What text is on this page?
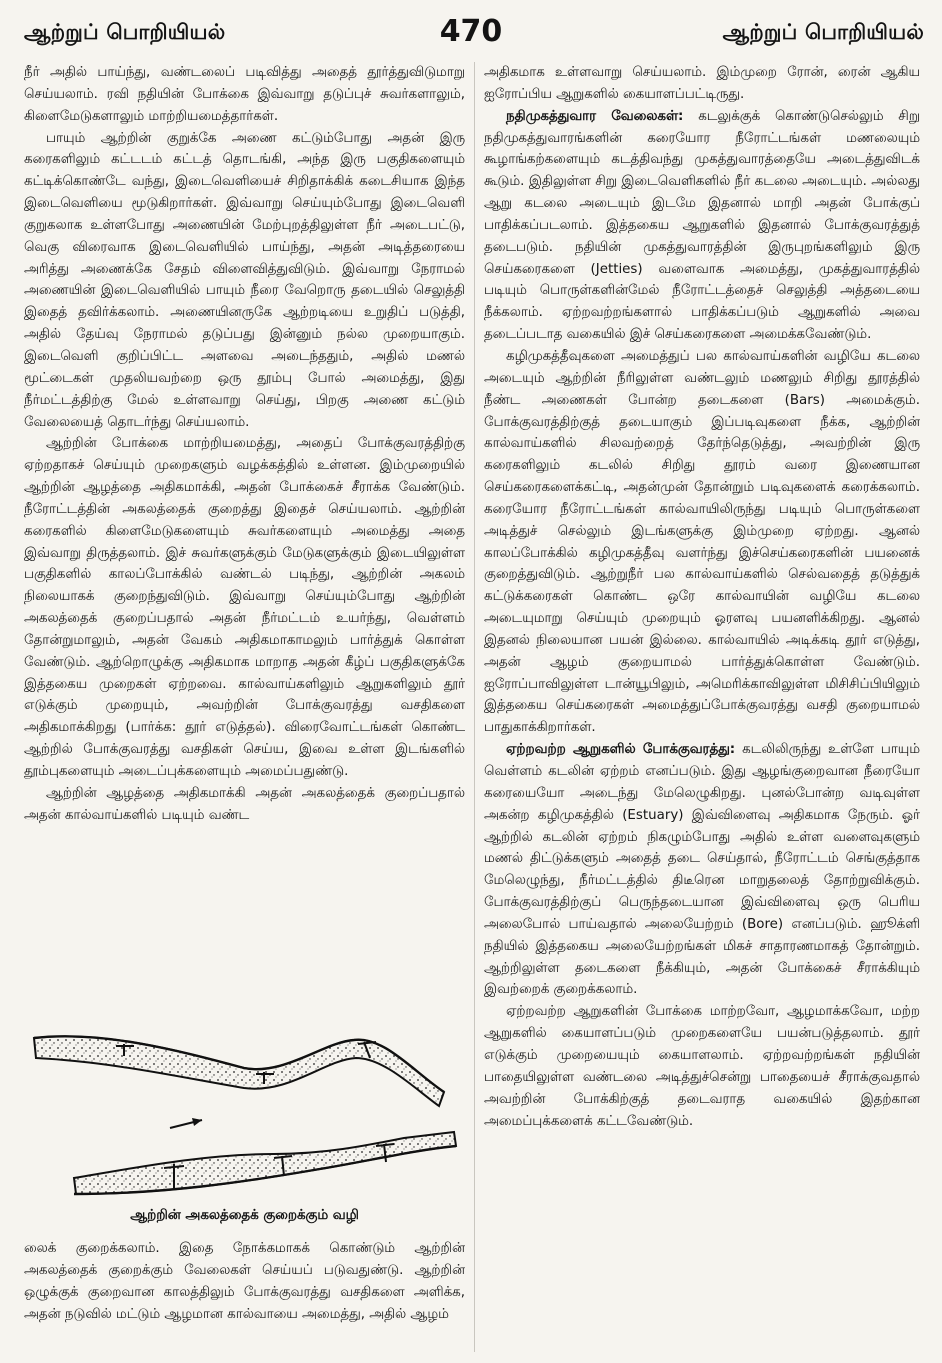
ஆற்றுப் பொறியியல்	470	ஆற்றுப் பொறியியல்

நீர் அதில் பாய்ந்து, வண்டலைப் படிவித்து அதைத் தூர்த்துவிடுமாறு செய்யலாம். ரவி நதியின் போக்கை இவ்வாறு தடுப்புச் சுவர்களாலும், கிளைமேடுகளாலும் மாற்றியமைத்தார்கள்.

பாயும் ஆற்றின் குறுக்கே அணை கட்டும்போது அதன் இரு கரைகளிலும் கட்டடம் கட்டத் தொடங்கி, அந்த இரு பகுதிகளையும் கட்டிக்கொண்டே வந்து, இடைவெளியைச் சிறிதாக்கிக் கடைசியாக இந்த இடைவெளியை மூடுகிறார்கள். இவ்வாறு செய்யும்போது இடைவெளி குறுகலாக உள்ளபோது அணையின் மேற்புறத்திலுள்ள நீர் அடைபட்டு, வெகு விரைவாக இடைவெளியில் பாய்ந்து, அதன் அடித்தரையை அரித்து அணைக்கே சேதம் விளைவித்துவிடும். இவ்வாறு நேராமல் அணையின் இடைவெளியில் பாயும் நீரை வேறொரு தடையில் செலுத்தி இதைத் தவிர்க்கலாம். அணையினருகே ஆற்றடியை உறுதிப் படுத்தி, அதில் தேய்வு நேராமல் தடுப்பது இன்னும் நல்ல முறையாகும். இடைவெளி குறிப்பிட்ட அளவை அடைந்ததும், அதில் மணல் மூட்டைகள் முதலியவற்றை ஒரு தூம்பு போல் அமைத்து, இது நீர்மட்டத்திற்கு மேல் உள்ளவாறு செய்து, பிறகு அணை கட்டும் வேலையைத் தொடர்ந்து செய்யலாம்.

ஆற்றின் போக்கை மாற்றியமைத்து, அதைப் போக்குவரத்திற்கு ஏற்றதாகச் செய்யும் முறைகளும் வழக்கத்தில் உள்ளன. இம்முறையில் ஆற்றின் ஆழத்தை அதிகமாக்கி, அதன் போக்கைச் சீராக்க வேண்டும். நீரோட்டத்தின் அகலத்தைக் குறைத்து இதைச் செய்யலாம். ஆற்றின் கரைகளில் கிளைமேடுகளையும் சுவர்களையும் அமைத்து அதை இவ்வாறு திருத்தலாம். இச் சுவர்களுக்கும் மேடுகளுக்கும் இடையிலுள்ள பகுதிகளில் காலப்போக்கில் வண்டல் படிந்து, ஆற்றின் அகலம் நிலையாகக் குறைந்துவிடும். இவ்வாறு செய்யும்போது ஆற்றின் அகலத்தைக் குறைப்பதால் அதன் நீர்மட்டம் உயர்ந்து, வெள்ளம் தோன்றுமாலும், அதன் வேகம் அதிகமாகாமலும் பார்த்துக் கொள்ள வேண்டும். ஆற்றொழுக்கு அதிகமாக மாறாத அதன் கீழ்ப் பகுதிகளுக்கே இத்தகைய முறைகள் ஏற்றவை. கால்வாய்களிலும் ஆறுகளிலும் தூர் எடுக்கும் முறையும், அவற்றின் போக்குவரத்து வசதிகளை அதிகமாக்கிறது (பார்க்க: தூர் எடுத்தல்). விரைவோட்டங்கள் கொண்ட ஆற்றில் போக்குவரத்து வசதிகள் செய்ய, இவை உள்ள இடங்களில் தூம்புகளையும் அடைப்புக்களையும் அமைப்பதுண்டு.

ஆற்றின் ஆழத்தை அதிகமாக்கி அதன் அகலத்தைக் குறைப்பதால் அதன் கால்வாய்களில் படியும் வண்ட

ஆற்றின் அகலத்தைக் குறைக்கும் வழி

லைக் குறைக்கலாம். இதை நோக்கமாகக் கொண்டும் ஆற்றின் அகலத்தைக் குறைக்கும் வேலைகள் செய்யப் படுவதுண்டு. ஆற்றின் ஒழுக்குக் குறைவான காலத்திலும் போக்குவரத்து வசதிகளை அளிக்க, அதன் நடுவில் மட்டும் ஆழமான கால்வாயை அமைத்து, அதில் ஆழம்

அதிகமாக உள்ளவாறு செய்யலாம். இம்முறை ரோன், ரைன் ஆகிய ஐரோப்பிய ஆறுகளில் கையாளப்பட்டிருது.

நதிமுகத்துவார வேலைகள்: கடலுக்குக் கொண்டுசெல்லும் சிறு நதிமுகத்துவாரங்களின் கரையோர நீரோட்டங்கள் மணலையும் கூழாங்கற்களையும் கடத்திவந்து முகத்துவாரத்தையே அடைத்துவிடக் கூடும். இதிலுள்ள சிறு இடைவெளிகளில் நீர் கடலை அடையும். அல்லது ஆறு கடலை அடையும் இடமே இதனால் மாறி அதன் போக்குப் பாதிக்கப்படலாம். இத்தகைய ஆறுகளில் இதனால் போக்குவரத்துத் தடைபடும். நதியின் முகத்துவாரத்தின் இருபுறங்களிலும் இரு செய்கரைகளை (Jetties) வளைவாக அமைத்து, முகத்துவாரத்தில் படியும் பொருள்களின்மேல் நீரோட்டத்தைச் செலுத்தி அத்தடையை நீக்கலாம். ஏற்றவற்றங்களால் பாதிக்கப்படும் ஆறுகளில் அவை தடைப்படாத வகையில் இச் செய்கரைகளை அமைக்கவேண்டும்.

கழிமுகத்தீவுகளை அமைத்துப் பல கால்வாய்களின் வழியே கடலை அடையும் ஆற்றின் நீரிலுள்ள வண்டலும் மணலும் சிறிது தூரத்தில் நீண்ட அணைகள் போன்ற தடைகளை (Bars) அமைக்கும். போக்குவரத்திற்குத் தடையாகும் இப்படிவுகளை நீக்க, ஆற்றின் கால்வாய்களில் சிலவற்றைத் தேர்ந்தெடுத்து, அவற்றின் இரு கரைகளிலும் கடலில் சிறிது தூரம் வரை இணையான செய்கரைகளைக்கட்டி, அதன்முன் தோன்றும் படிவுகளைக் கரைக்கலாம். கரையோர நீரோட்டங்கள் கால்வாயிலிருந்து படியும் பொருள்களை அடித்துச் செல்லும் இடங்களுக்கு இம்முறை ஏற்றது. ஆனல் காலப்போக்கில் கழிமுகத்தீவு வளர்ந்து இச்செய்கரைகளின் பயனைக் குறைத்துவிடும். ஆற்றுநீர் பல கால்வாய்களில் செல்வதைத் தடுத்துக் கட்டுக்கரைகள் கொண்ட ஒரே கால்வாயின் வழியே கடலை அடையுமாறு செய்யும் முறையும் ஓரளவு பயனளிக்கிறது. ஆனல் இதனல் நிலையான பயன் இல்லை. கால்வாயில் அடிக்கடி தூர் எடுத்து, அதன் ஆழம் குறையாமல் பார்த்துக்கொள்ள வேண்டும். ஐரோப்பாவிலுள்ள டான்யூபிலும், அமெரிக்காவிலுள்ள மிசிசிப்பியிலும் இத்தகைய செய்கரைகள் அமைத்துப்போக்குவரத்து வசதி குறையாமல் பாதுகாக்கிறார்கள்.

ஏற்றவற்ற ஆறுகளில் போக்குவரத்து: கடலிலிருந்து உள்ளே பாயும் வெள்ளம் கடலின் ஏற்றம் எனப்படும். இது ஆழங்குறைவான நீரையோ கரையையோ அடைந்து மேலெழுகிறது. புனல்போன்ற வடிவுள்ள அகன்ற கழிமுகத்தில் (Estuary) இவ்விளைவு அதிகமாக நேரும். ஓர் ஆற்றில் கடலின் ஏற்றம் நிகழும்போது அதில் உள்ள வளைவுகளும் மணல் திட்டுக்களும் அதைத் தடை செய்தால், நீரோட்டம் செங்குத்தாக மேலெழுந்து, நீர்மட்டத்தில் திடீரென மாறுதலைத் தோற்றுவிக்கும். போக்குவரத்திற்குப் பெருந்தடையான இவ்விளைவு ஒரு பெரிய அலைபோல் பாய்வதால் அலையேற்றம் (Bore) எனப்படும். ஹூக்ளி நதியில் இத்தகைய அலையேற்றங்கள் மிகச் சாதாரணமாகத் தோன்றும். ஆற்றிலுள்ள தடைகளை நீக்கியும், அதன் போக்கைச் சீராக்கியும் இவற்றைக் குறைக்கலாம்.

ஏற்றவற்ற ஆறுகளின் போக்கை மாற்றவோ, ஆழமாக்கவோ, மற்ற ஆறுகளில் கையாளப்படும் முறைகளையே பயன்படுத்தலாம். தூர் எடுக்கும் முறையையும் கையாளலாம். ஏற்றவற்றங்கள் நதியின் பாதையிலுள்ள வண்டலை அடித்துச்சென்று பாதையைச் சீராக்குவதால் அவற்றின் போக்கிற்குத் தடைவராத வகையில் இதற்கான அமைப்புக்களைக் கட்டவேண்டும்.
